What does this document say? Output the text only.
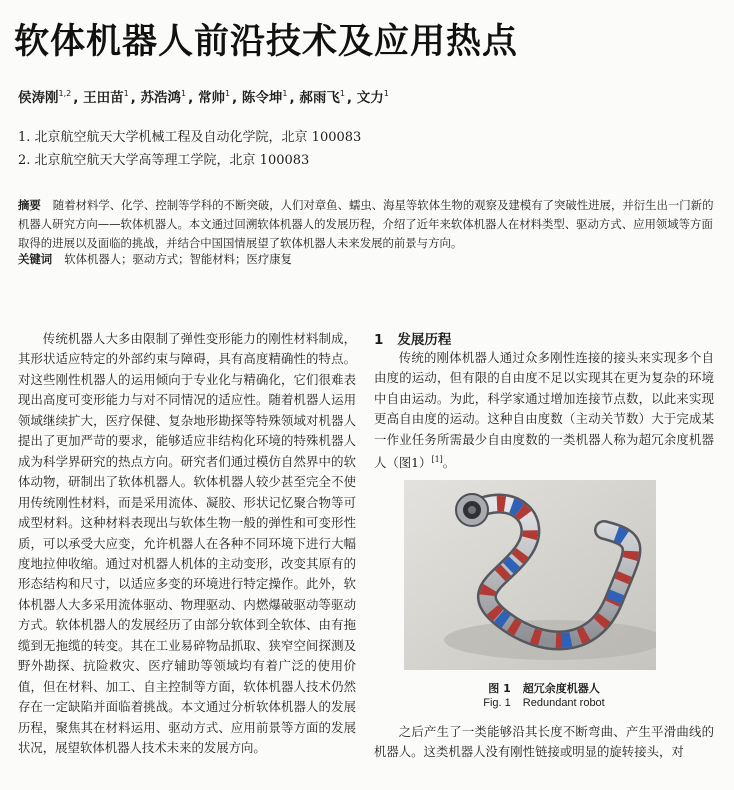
软体机器人前沿技术及应用热点
侯涛刚$^{1,2}$ , 王田苗$^1$ , 苏浩鸿$^1$ , 常帅$^1$ , 陈令坤$^1$ , 郝雨飞$^1$ , 文力$^1$
1. 北京航空航天大学机械工程及自动化学院，北京 100083
2. 北京航空航天大学高等理工学院，北京 100083
摘要 随着材料学、化学、控制等学科的不断突破，人们对章鱼、蠕虫、海星等软体生物的观察及建模有了突破性进展，并衍生出一门新的机器人研究方向——软体机器人。本文通过回溯软体机器人的发展历程，介绍了近年来软体机器人在材料类型、驱动方式、应用领域等方面取得的进展以及面临的挑战，并结合中国国情展望了软体机器人未来发展的前景与方向。
关键词 软体机器人；驱动方式；智能材料；医疗康复

传统机器人大多由限制了弹性变形能力的刚性材料制成，其形状适应特定的外部约束与障碍，具有高度精确性的特点。对这些刚性机器人的运用倾向于专业化与精确化，它们很难表现出高度可变形能力与对不同情况的适应性。随着机器人运用领域继续扩大，医疗保健、复杂地形勘探等特殊领域对机器人提出了更加严苛的要求，能够适应非结构化环境的特殊机器人成为科学界研究的热点方向。研究者们通过模仿自然界中的软体动物，研制出了软体机器人。软体机器人较少甚至完全不使用传统刚性材料，而是采用流体、凝胶、形状记忆聚合物等可成型材料。这种材料表现出与软体生物一般的弹性和可变形性质，可以承受大应变，允许机器人在各种不同环境下进行大幅度地拉伸收缩。通过对机器人机体的主动变形，改变其原有的形态结构和尺寸，以适应多变的环境进行特定操作。此外，软体机器人大多采用流体驱动、物理驱动、内燃爆破驱动等驱动方式。软体机器人的发展经历了由部分软体到全软体、由有拖缆到无拖缆的转变。其在工业易碎物品抓取、狭窄空间探测及野外勘探、抗险救灾、医疗辅助等领域均有着广泛的使用价值，但在材料、加工、自主控制等方面，软体机器人技术仍然存在一定缺陷并面临着挑战。本文通过分析软体机器人的发展历程，聚焦其在材料运用、驱动方式、应用前景等方面的发展状况，展望软体机器人技术未来的发展方向。

1 发展历程

传统的刚体机器人通过众多刚性连接的接头来实现多个自由度的运动，但有限的自由度不足以实现其在更为复杂的环境中自由运动。为此，科学家通过增加连接节点数，以此来实现更高自由度的运动。这种自由度数（主动关节数）大于完成某一作业任务所需最少自由度数的一类机器人称为超冗余度机器人（图1）[1]。

图 1 超冗余度机器人
Fig. 1 Redundant robot

之后产生了一类能够沿其长度不断弯曲、产生平滑曲线的机器人。这类机器人没有刚性链接或明显的旋转接头，对
